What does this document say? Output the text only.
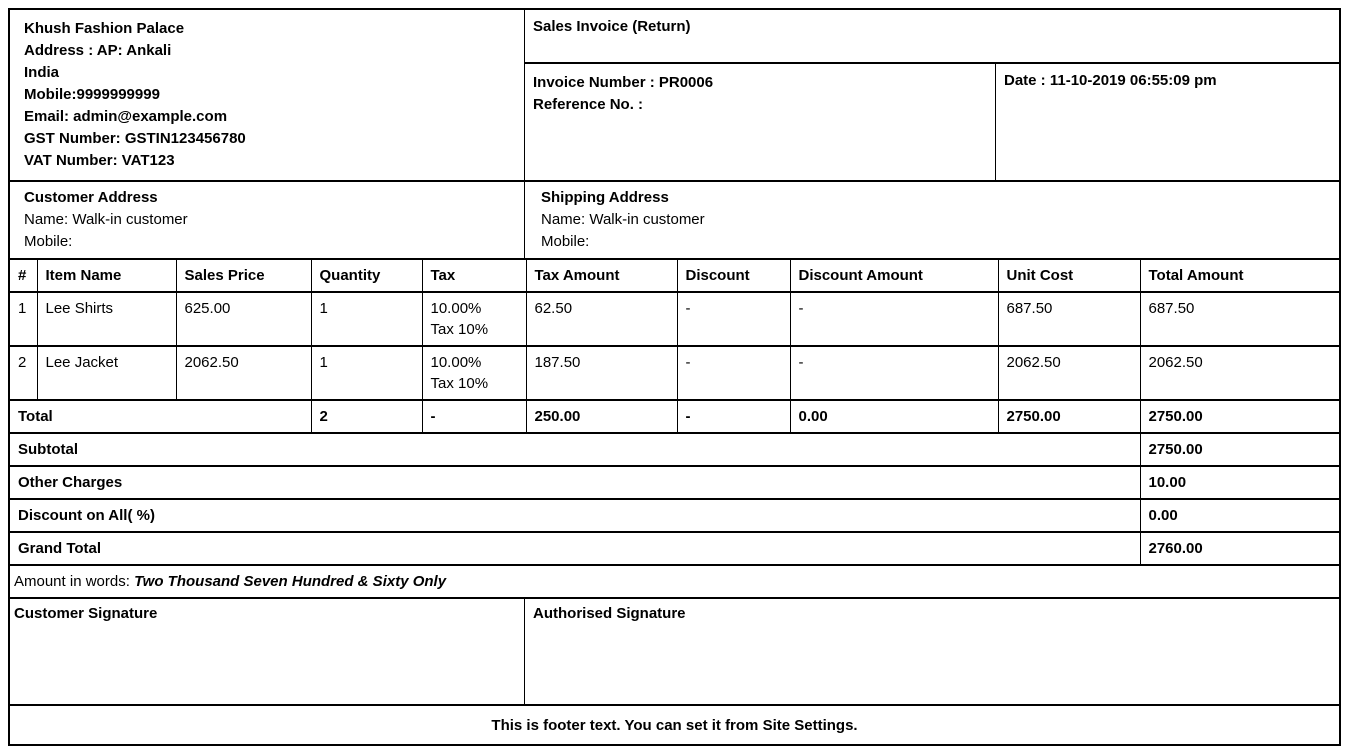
Khush Fashion Palace
Address : AP: Ankali
India
Mobile:9999999999
Email: admin@example.com
GST Number: GSTIN123456780
VAT Number: VAT123
Sales Invoice (Return)
Invoice Number : PR0006
Reference No. :
Date : 11-10-2019 06:55:09 pm
Customer Address
Name: Walk-in customer
Mobile:
Shipping Address
Name: Walk-in customer
Mobile:
#	Item Name	Sales Price	Quantity	Tax	Tax Amount	Discount	Discount Amount	Unit Cost	Total Amount
1	Lee Shirts	625.00	1	10.00%
Tax 10%	62.50	-	-	687.50	687.50
2	Lee Jacket	2062.50	1	10.00%
Tax 10%	187.50	-	-	2062.50	2062.50
Total			2	-	250.00	-	0.00	2750.00	2750.00
Subtotal									2750.00
Other Charges									10.00
Discount on All( %)									0.00
Grand Total									2760.00
Amount in words: Two Thousand Seven Hundred & Sixty Only
Customer Signature	Authorised Signature
This is footer text. You can set it from Site Settings.
